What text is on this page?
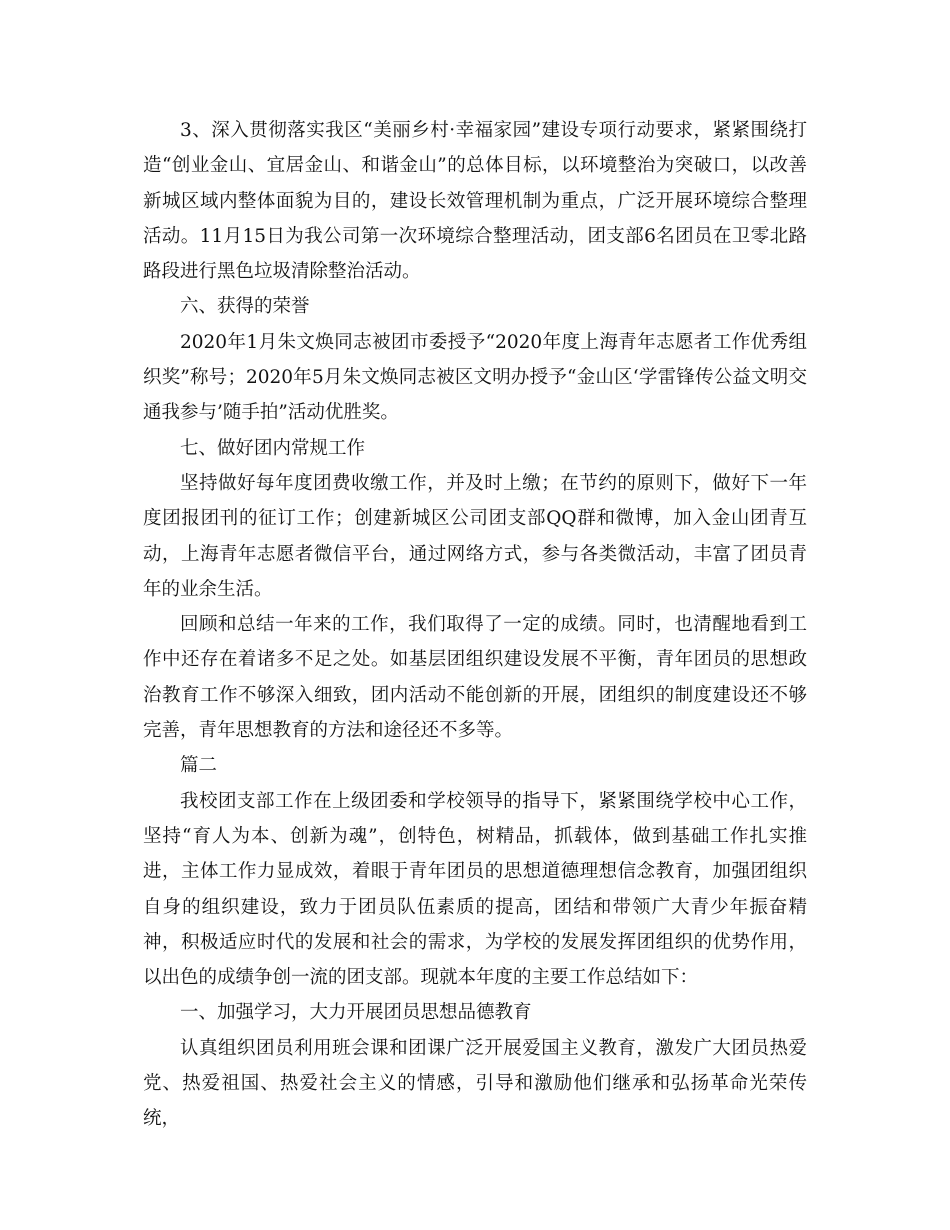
3、深入贯彻落实我区“美丽乡村·幸福家园”建设专项行动要求，紧紧围绕打造“创业金山、宜居金山、和谐金山”的总体目标，以环境整治为突破口，以改善新城区域内整体面貌为目的，建设长效管理机制为重点，广泛开展环境综合整理活动。11月15日为我公司第一次环境综合整理活动，团支部6名团员在卫零北路路段进行黑色垃圾清除整治活动。

六、获得的荣誉

2020年1月朱文焕同志被团市委授予“2020年度上海青年志愿者工作优秀组织奖”称号；2020年5月朱文焕同志被区文明办授予“金山区‘学雷锋传公益文明交通我参与’随手拍”活动优胜奖。

七、做好团内常规工作

坚持做好每年度团费收缴工作，并及时上缴；在节约的原则下，做好下一年度团报团刊的征订工作；创建新城区公司团支部QQ群和微博，加入金山团青互动，上海青年志愿者微信平台，通过网络方式，参与各类微活动，丰富了团员青年的业余生活。

回顾和总结一年来的工作，我们取得了一定的成绩。同时，也清醒地看到工作中还存在着诸多不足之处。如基层团组织建设发展不平衡，青年团员的思想政治教育工作不够深入细致，团内活动不能创新的开展，团组织的制度建设还不够完善，青年思想教育的方法和途径还不多等。

篇二

我校团支部工作在上级团委和学校领导的指导下，紧紧围绕学校中心工作，坚持“育人为本、创新为魂”，创特色，树精品，抓载体，做到基础工作扎实推进，主体工作力显成效，着眼于青年团员的思想道德理想信念教育，加强团组织自身的组织建设，致力于团员队伍素质的提高，团结和带领广大青少年振奋精神，积极适应时代的发展和社会的需求，为学校的发展发挥团组织的优势作用，以出色的成绩争创一流的团支部。现就本年度的主要工作总结如下：

一、加强学习，大力开展团员思想品德教育

认真组织团员利用班会课和团课广泛开展爱国主义教育，激发广大团员热爱党、热爱祖国、热爱社会主义的情感，引导和激励他们继承和弘扬革命光荣传统，
